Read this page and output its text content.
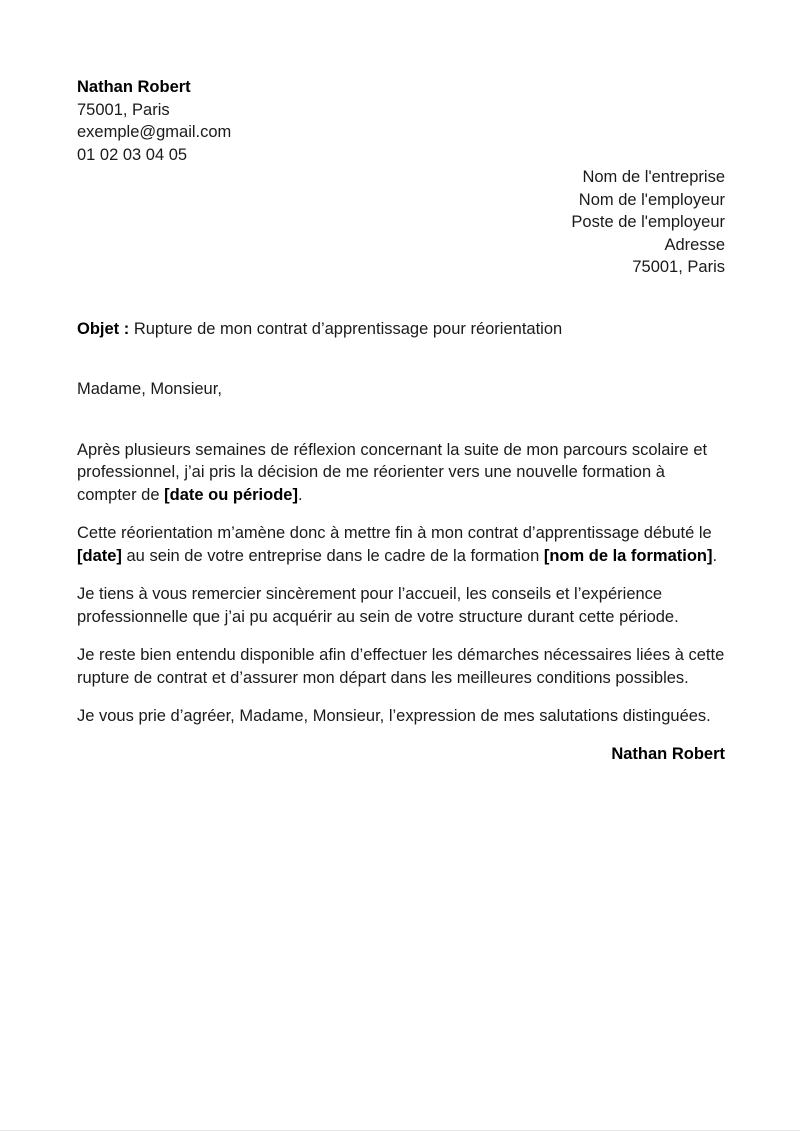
Nathan Robert
75001, Paris
exemple@gmail.com
01 02 03 04 05
Nom de l'entreprise
Nom de l'employeur
Poste de l'employeur
Adresse
75001, Paris
Objet : Rupture de mon contrat d’apprentissage pour réorientation
Madame, Monsieur,

Après plusieurs semaines de réflexion concernant la suite de mon parcours scolaire et professionnel, j’ai pris la décision de me réorienter vers une nouvelle formation à compter de [date ou période].

Cette réorientation m’amène donc à mettre fin à mon contrat d’apprentissage débuté le [date] au sein de votre entreprise dans le cadre de la formation [nom de la formation].

Je tiens à vous remercier sincèrement pour l’accueil, les conseils et l’expérience professionnelle que j’ai pu acquérir au sein de votre structure durant cette période.

Je reste bien entendu disponible afin d’effectuer les démarches nécessaires liées à cette rupture de contrat et d’assurer mon départ dans les meilleures conditions possibles.

Je vous prie d’agréer, Madame, Monsieur, l’expression de mes salutations distinguées.

Nathan Robert
